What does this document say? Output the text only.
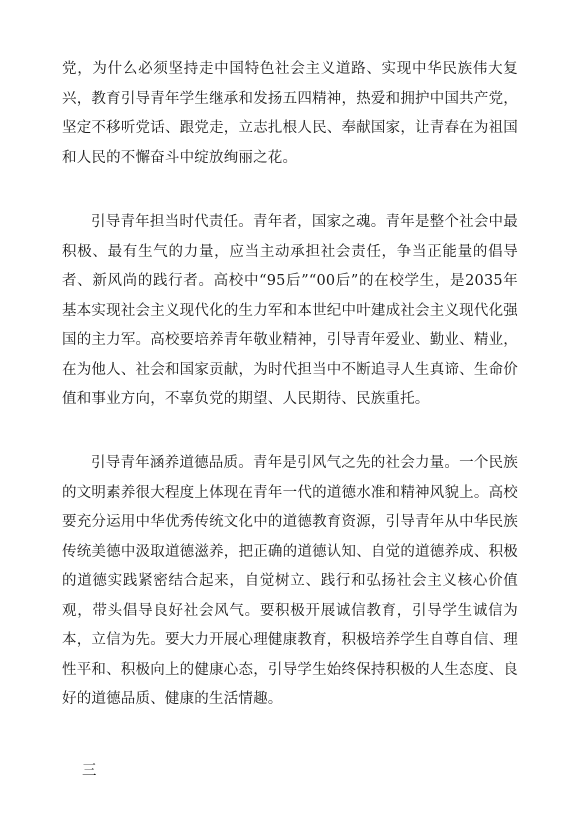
党，为什么必须坚持走中国特色社会主义道路、实现中华民族伟大复兴，教育引导青年学生继承和发扬五四精神，热爱和拥护中国共产党，坚定不移听党话、跟党走，立志扎根人民、奉献国家，让青春在为祖国和人民的不懈奋斗中绽放绚丽之花。

引导青年担当时代责任。青年者，国家之魂。青年是整个社会中最积极、最有生气的力量，应当主动承担社会责任，争当正能量的倡导者、新风尚的践行者。高校中“95后”“00后”的在校学生，是2035年基本实现社会主义现代化的生力军和本世纪中叶建成社会主义现代化强国的主力军。高校要培养青年敬业精神，引导青年爱业、勤业、精业，在为他人、社会和国家贡献，为时代担当中不断追寻人生真谛、生命价值和事业方向，不辜负党的期望、人民期待、民族重托。

引导青年涵养道德品质。青年是引风气之先的社会力量。一个民族的文明素养很大程度上体现在青年一代的道德水准和精神风貌上。高校要充分运用中华优秀传统文化中的道德教育资源，引导青年从中华民族传统美德中汲取道德滋养，把正确的道德认知、自觉的道德养成、积极的道德实践紧密结合起来，自觉树立、践行和弘扬社会主义核心价值观，带头倡导良好社会风气。要积极开展诚信教育，引导学生诚信为本，立信为先。要大力开展心理健康教育，积极培养学生自尊自信、理性平和、积极向上的健康心态，引导学生始终保持积极的人生态度、良好的道德品质、健康的生活情趣。

三
